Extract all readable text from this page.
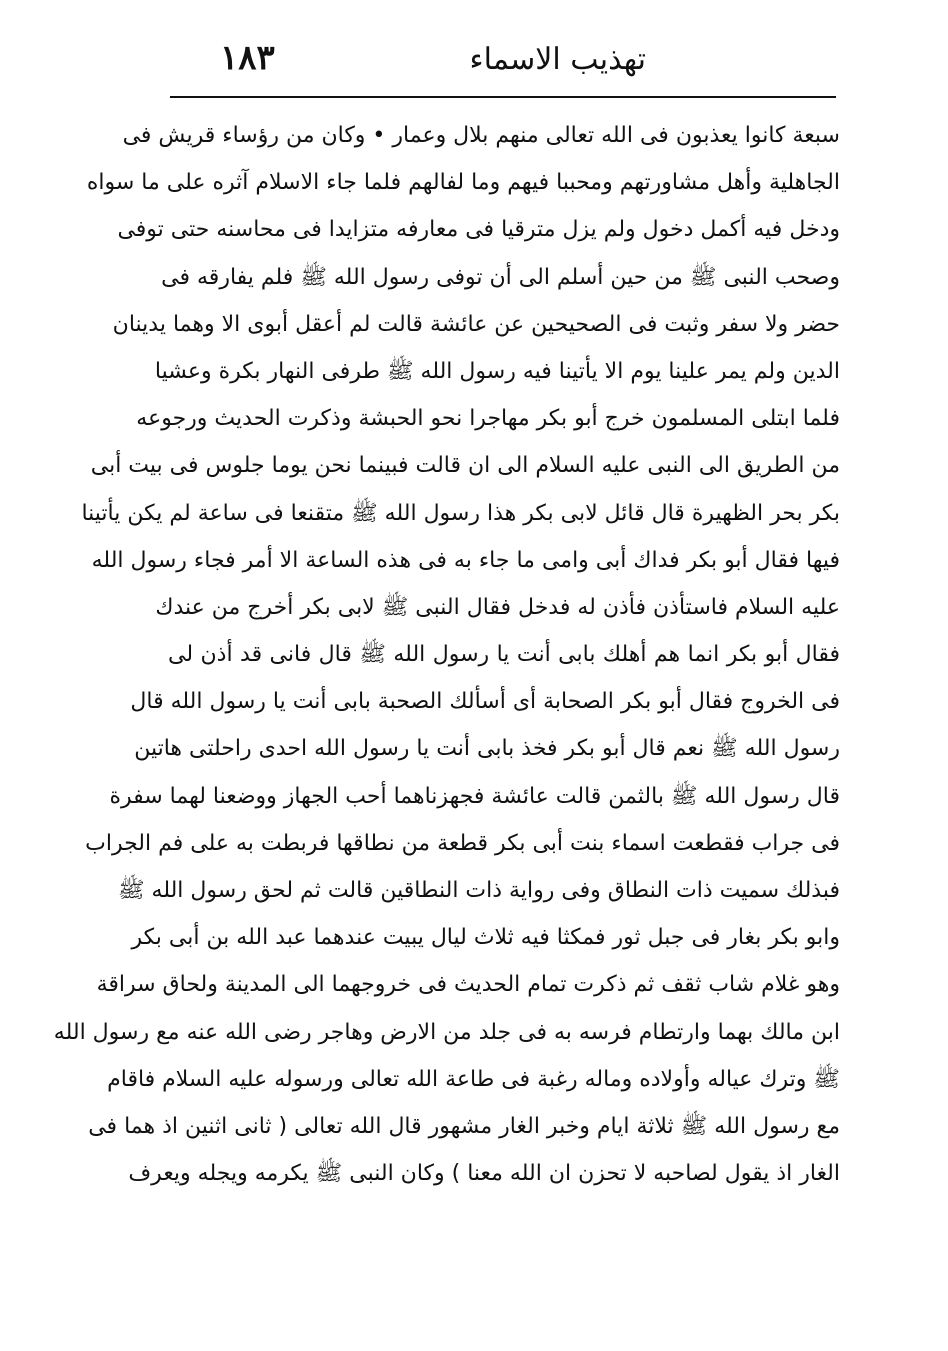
تهذيب الاسماء
١٨٣
سبعة كانوا يعذبون فى الله تعالى منهم بلال وعمار • وكان من رؤساء قريش فى
الجاهلية وأهل مشاورتهم ومحببا فيهم وما لفالهم فلما جاء الاسلام آثره على ما سواه
ودخل فيه أكمل دخول ولم يزل مترقيا فى معارفه متزايدا فى محاسنه حتى توفى
وصحب النبى ﷺ من حين أسلم الى أن توفى رسول الله ﷺ فلم يفارقه فى
حضر ولا سفر وثبت فى الصحيحين عن عائشة قالت لم أعقل أبوى الا وهما يدينان
الدين ولم يمر علينا يوم الا يأتينا فيه رسول الله ﷺ طرفى النهار بكرة وعشيا
فلما ابتلى المسلمون خرج أبو بكر مهاجرا نحو الحبشة وذكرت الحديث ورجوعه
من الطريق الى النبى عليه السلام الى ان قالت فبينما نحن يوما جلوس فى بيت أبى
بكر بحر الظهيرة قال قائل لابى بكر هذا رسول الله ﷺ متقنعا فى ساعة لم يكن يأتينا
فيها فقال أبو بكر فداك أبى وامى ما جاء به فى هذه الساعة الا أمر فجاء رسول الله
عليه السلام فاستأذن فأذن له فدخل فقال النبى ﷺ لابى بكر أخرج من عندك
فقال أبو بكر انما هم أهلك بابى أنت يا رسول الله ﷺ قال فانى قد أذن لى
فى الخروج فقال أبو بكر الصحابة أى أسألك الصحبة بابى أنت يا رسول الله قال
رسول الله ﷺ نعم قال أبو بكر فخذ بابى أنت يا رسول الله احدى راحلتى هاتين
قال رسول الله ﷺ بالثمن قالت عائشة فجهزناهما أحب الجهاز ووضعنا لهما سفرة
فى جراب فقطعت اسماء بنت أبى بكر قطعة من نطاقها فربطت به على فم الجراب
فبذلك سميت ذات النطاق وفى رواية ذات النطاقين قالت ثم لحق رسول الله ﷺ
وابو بكر بغار فى جبل ثور فمكثا فيه ثلاث ليال يبيت عندهما عبد الله بن أبى بكر
وهو غلام شاب ثقف ثم ذكرت تمام الحديث فى خروجهما الى المدينة ولحاق سراقة
ابن مالك بهما وارتطام فرسه به فى جلد من الارض وهاجر رضى الله عنه مع رسول الله
ﷺ وترك عياله وأولاده وماله رغبة فى طاعة الله تعالى ورسوله عليه السلام فاقام
مع رسول الله ﷺ ثلاثة ايام وخبر الغار مشهور قال الله تعالى ( ثانى اثنين اذ هما فى
الغار اذ يقول لصاحبه لا تحزن ان الله معنا ) وكان النبى ﷺ يكرمه ويجله ويعرف
